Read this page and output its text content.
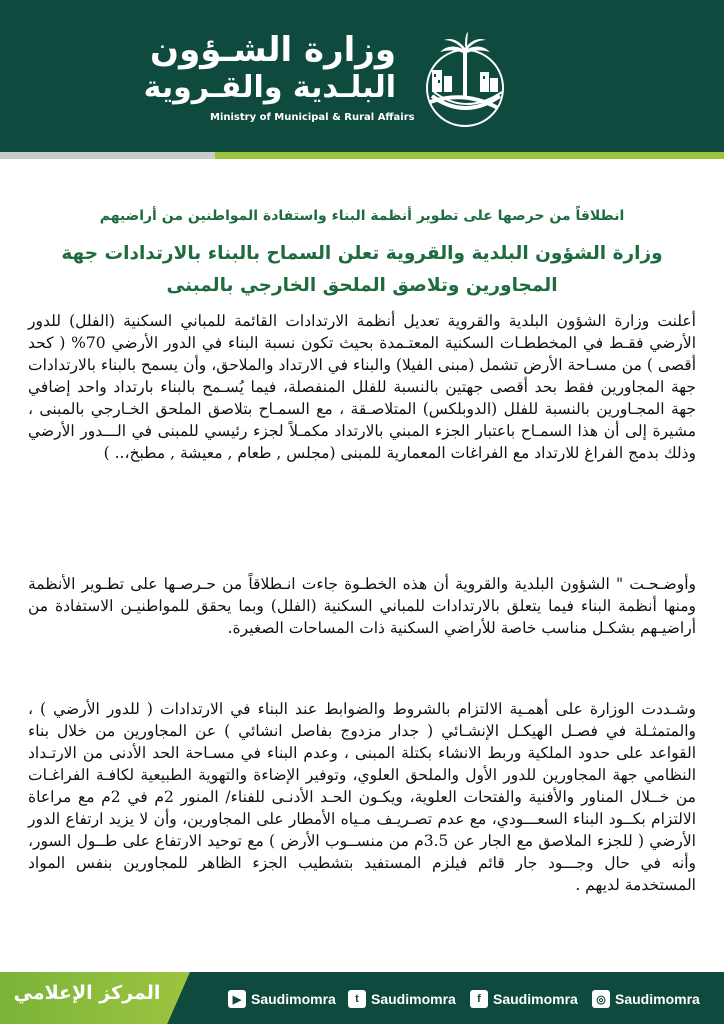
وزارة الشـؤون
البلـدية والقـروية
Ministry of Municipal & Rural Affairs
انطلاقاً من حرصها على تطوير أنظمة البناء واستفادة المواطنين من أراضيهم
وزارة الشؤون البلدية والقروية تعلن السماح بالبناء بالارتدادات جهة المجاورين وتلاصق الملحق الخارجي بالمبنى
أعلنت وزارة الشؤون البلدية والقروية تعديل أنظمة الارتدادات القائمة للمباني السكنية (الفلل) للدور الأرضي فقـط في المخططـات السكنية المعتـمدة بحيث تكون نسبة البناء في الدور الأرضي 70% ( كحد أقصى ) من مسـاحة الأرض تشمل (مبنى الفيلا) والبناء في الارتداد والملاحق، وأن يسمح بالبناء بالارتدادات جهة المجاورين فقط بحد أقصى جهتين بالنسبة للفلل المنفصلة، فيما يُسـمح بالبناء بارتداد واحد إضافي جهة المجـاورين بالنسبة للفلل (الدوبلكس) المتلاصـقة ، مع السمـاح بتلاصق الملحق الخـارجي بالمبنى ، مشيرة إلى أن هذا السمـاح باعتبار الجزء المبني بالارتداد مكمـلاً لجزء رئيسي للمبنى في الـــدور الأرضي وذلك بدمج الفراغ للارتداد مع الفراغات المعمارية للمبنى (مجلس , طعام , معيشة , مطبخ،.. )
وأوضـحـت " الشؤون البلدية والقروية أن هذه الخطـوة جاءت انـطلاقاً من حـرصـها على تطـوير الأنظمة ومنها أنظمة البناء فيما يتعلق بالارتدادات للمباني السكنية (الفلل) وبما يحقق للمواطنيـن الاستفادة من أراضيـهم بشكـل مناسب خاصة للأراضي السكنية ذات المساحات الصغيرة.
وشـددت الوزارة على أهمـية الالتزام بالشروط والضوابط عند البناء في الارتدادات ( للدور الأرضي ) ، والمتمثـلة في فصـل الهيكـل الإنشـائي ( جدار مزدوج بفاصل انشائي ) عن المجاورين من خلال بناء القواعد على حدود الملكية وربط الانشاء بكتلة المبنى ، وعدم البناء في مسـاحة الحد الأدنى من الارتـداد النظامي جهة المجاورين للدور الأول والملحق العلوي، وتوفير الإضاءة والتهوية الطبيعية لكافـة الفراغـات من خــلال المناور والأفنية والفتحات العلوية، ويكـون الحـد الأدنـى للفناء/ المنور 2م في 2م مع مراعاة الالتزام بكــود البناء السعـــودي، مع عدم تصـريـف مـياه الأمطار على المجاورين، وأن لا يزيد ارتفاع الدور الأرضي ( للجزء الملاصق مع الجار عن 3.5م من منســوب الأرض ) مع توحيد الارتفاع على طــول السور، وأنه في حال وجـــود جار قائم فيلزم المستفيد بتشطيب الجزء الظاهر للمجاورين بنفس المواد المستخدمة لديهم .
المركز الإعلامي	▶ Saudimomra	t Saudimomra	f Saudimomra	◎ Saudimomra
